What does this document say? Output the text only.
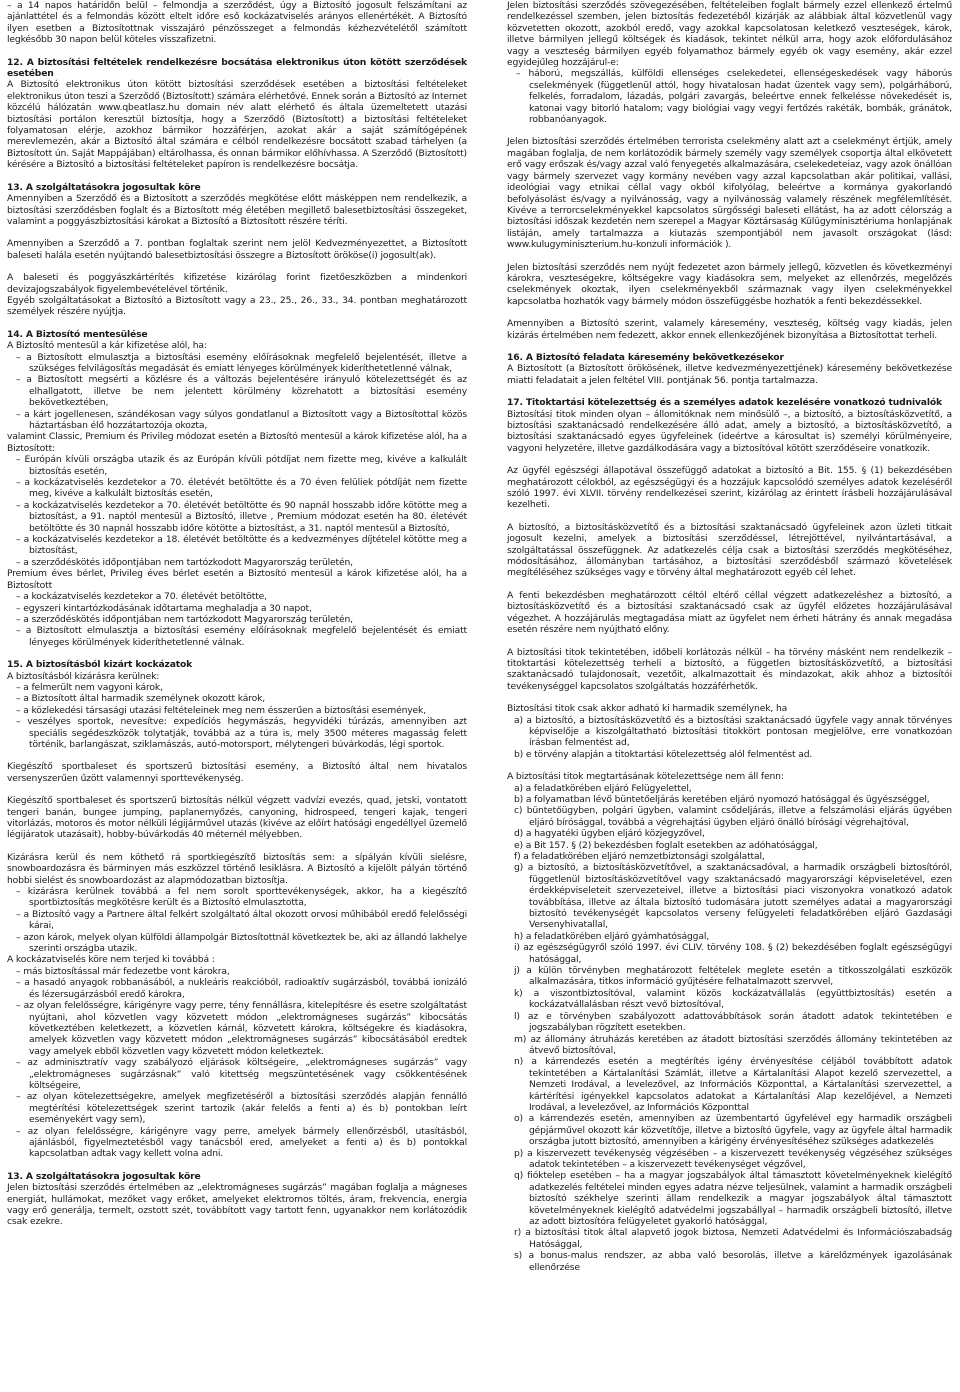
– a 14 napos határidőn belül – felmondja a szerződést, úgy a Biztosító jogosult felszámítani az ajánlattétel és a felmondás között eltelt időre eső kockázatviselés arányos ellenértékét. A Biztosító ilyen esetben a Biztosítottnak visszajáró pénzösszeget a felmondás kézhezvételétől számított legkésőbb 30 napon belül köteles visszafizetni.

12. A biztosítási feltételek rendelkezésre bocsátása elektronikus úton kötött szerződések esetében

A Biztosító elektronikus úton kötött biztosítási szerződések esetében a biztosítási feltételeket elektronikus úton teszi a Szerződő (Biztosított) számára elérhetővé. Ennek során a Biztosító az Internet közcélú hálózatán www.qbeatlasz.hu domain név alatt elérhető és általa üzemeltetett utazási biztosítási portálon keresztül biztosítja, hogy a Szerződő (Biztosított) a biztosítási feltételeket folyamatosan elérje, azokhoz bármikor hozzáférjen, azokat akár a saját számítógépének merevlemezén, akár a Biztosító által számára e célból rendelkezésre bocsátott szabad tárhelyen (a Biztosított ún. Saját Mappájában) eltárolhassa, és onnan bármikor előhívhassa. A Szerződő (Biztosított) kérésére a Biztosító a biztosítási feltételeket papíron is rendelkezésre bocsátja.

13. A szolgáltatásokra jogosultak köre

Amennyiben a Szerződő és a Biztosított a szerződés megkötése előtt másképpen nem rendelkezik, a biztosítási szerződésben foglalt és a Biztosított még életében megillető balesetbiztosítási összegeket, valamint a poggyászbiztosítási károkat a Biztosító a Biztosított részére téríti.

Amennyiben a Szerződő a 7. pontban foglaltak szerint nem jelöl Kedvezményezettet, a Biztosított baleseti halála esetén nyújtandó balesetbiztosítási összegre a Biztosított örököse(i) jogosult(ak).

A baleseti és poggyászkártérítés kifizetése kizárólag forint fizetőeszközben a mindenkori devizajogszabályok figyelembevételével történik.

Egyéb szolgáltatásokat a Biztosító a Biztosított vagy a 23., 25., 26., 33., 34. pontban meghatározott személyek részére nyújtja.

14. A Biztosító mentesülése

A Biztosító mentesül a kár kifizetése alól, ha:

– a Biztosított elmulasztja a biztosítási esemény előírásoknak megfelelő bejelentését, illetve a szükséges felvilágosítás megadását és emiatt lényeges körülmények kideríthetetlenné válnak,

– a Biztosított megsérti a közlésre és a változás bejelentésére irányuló kötelezettségét és az elhallgatott, illetve be nem jelentett körülmény közrehatott a biztosítási esemény bekövetkeztében,

– a kárt jogellenesen, szándékosan vagy súlyos gondatlanul a Biztosított vagy a Biztosítottal közös háztartásban élő hozzátartozója okozta,

valamint Classic, Premium és Privileg módozat esetén a Biztosító mentesül a károk kifizetése alól, ha a Biztosított:

– Európán kívüli országba utazik és az Európán kívüli pótdíjat nem fizette meg, kivéve a kalkulált biztosítás esetén,

– a kockázatviselés kezdetekor a 70. életévét betöltötte és a 70 éven felüliek pótdíját nem fizette meg, kivéve a kalkulált biztosítás esetén,

– a kockázatviselés kezdetekor a 70. életévét betöltötte és 90 napnál hosszabb időre kötötte meg a biztosítást, a 91. naptól mentesül a Biztosító, illetve , Premium módozat esetén ha 80. életévét betöltötte és 30 napnál hosszabb időre kötötte a biztosítást, a 31. naptól mentesül a Biztosító,

– a kockázatviselés kezdetekor a 18. életévét betöltötte és a kedvezményes díjtételel kötötte meg a biztosítást,

– a szerződéskötés időpontjában nem tartózkodott Magyarország területén,

Premium éves bérlet, Privileg éves bérlet esetén a Biztosító mentesül a károk kifizetése alól, ha a Biztosított

– a kockázatviselés kezdetekor a 70. életévét betöltötte,

– egyszeri kintartózkodásának időtartama meghaladja a 30 napot,

– a szerződéskötés időpontjában nem tartózkodott Magyarország területén,

– a Biztosított elmulasztja a biztosítási esemény előírásoknak megfelelő bejelentését és emiatt lényeges körülmények kideríthetetlenné válnak.

15. A biztosításból kizárt kockázatok

A biztosításból kizárásra kerülnek:

– a felmerült nem vagyoni károk,

– a Biztosított által harmadik személynek okozott károk,

– a közlekedési társasági utazási feltételeinek meg nem ésszerűen a biztosítási események,

– veszélyes sportok, nevesítve: expedíciós hegymászás, hegyvidéki túrázás, amennyiben azt speciális segédeszközök tolytatják, továbbá az a túra is, mely 3500 méteres magasság felett történik, barlangászat, sziklamászás, autó-motorsport, mélytengeri búvárkodás, légi sportok.

Kiegészítő sportbaleset és sportszerű biztosítási esemény, a Biztosító által nem hivatalos versenyszerűen űzött valamennyi sporttevékenység.

Kiegészítő sportbaleset és sportszerű biztosítás nélkül végzett vadvízi evezés, quad, jetski, vontatott tengeri banán, bungee jumping, paplanernyőzés, canyoning, hidrospeed, tengeri kajak, tengeri vitorlázás, motoros és motor nélküli légijárművel utazás (kivéve az előírt hatósági engedéllyel üzemelő légijáratok utazásait), hobby-búvárkodás 40 méternél mélyebben.

Kizárásra kerül és nem köthető rá sportkiegészítő biztosítás sem: a sípályán kívüli sielésre, snowboardozásra és bárminyen más eszközzel történő lesiklásra. A Biztosító a kijelölt pályán történő hobbi sielést és snowboardozást az alapmódozatban biztosítja.

– kizárásra kerülnek továbbá a fel nem sorolt sporttevékenységek, akkor, ha a kiegészítő sportbiztosítás megkötésre került és a Biztosító elmulasztotta,

– a Biztosító vagy a Partnere által felkért szolgáltató által okozott orvosi műhibából eredő felelősségi kárai,

– azon károk, melyek olyan külföldi állampolgár Biztosítottnál következtek be, aki az állandó lakhelye szerinti országba utazik.

A kockázatviselés köre nem terjed ki továbbá :

– más biztosítással már fedezetbe vont károkra,

– a hasadó anyagok robbanásából, a nukleáris reakcióból, radioaktív sugárzásból, továbbá ionizáló és lézersugárzásból eredő károkra,

– az olyan felelősségre, kárigényre vagy perre, tény fennállásra, kitelepítésre és esetre szolgáltatást nyújtani, ahol közvetlen vagy közvetett módon „elektromágneses sugárzás” kibocsátás következtében keletkezett, a közvetlen kárnál, közvetett károkra, költségekre és kiadásokra, amelyek közvetlen vagy közvetett módon „elektromágneses sugárzás” kibocsátásából eredtek vagy amelyek ebből közvetlen vagy közvetett módon keletkeztek.

– az adminisztratív vagy szabályozó eljárások költségeire, „elektromágneses sugárzás” vagy „elektromágneses sugárzásnak” való kitettség megszüntetésének vagy csökkentésének költségeire,

– az olyan kötelezettségekre, amelyek megfizetéséről a biztosítási szerződés alapján fennálló megtérítési kötelezettségek szerint tartozik (akár felelős a fenti a) és b) pontokban leírt eseményekért vagy sem),

– az olyan felelősségre, kárigényre vagy perre, amelyek bármely ellenőrzésből, utasításból, ajánlásból, figyelmeztetésből vagy tanácsból ered, amelyeket a fenti a) és b) pontokkal kapcsolatban adtak vagy kellett volna adni.

13. A szolgáltatásokra jogosultak köre

Jelen biztosítási szerződés értelmében az „elektromágneses sugárzás” magában foglalja a mágneses energiát, hullámokat, mezőket vagy erőket, amelyeket elektromos töltés, áram, frekvencia, energia vagy erő generálja, termelt, ozstott szét, továbbított vagy tartott fenn, ugyanakkor nem korlátozódik csak ezekre.

Jelen biztosítási szerződés szövegezésében, feltételeiben foglalt bármely ezzel ellenkező értelmű rendelkezéssel szemben, jelen biztosítás fedezetéből kizárják az alábbiak által közvetlenül vagy közvetetten okozott, azokból eredő, vagy azokkal kapcsolatosan keletkező veszteségek, károk, illetve bármilyen jellegű költségek és kiadások, tekintet nélkül arra, hogy azok előfordulásához vagy a veszteség bármilyen egyéb folyamathoz bármely egyéb ok vagy esemény, akár ezzel egyidejűleg hozzájárul-e:

– háború, megszállás, külföldi ellenséges cselekedetei, ellenségeskedések vagy háborús cselekmények (függetlenül attól, hogy hivatalosan hadat üzentek vagy sem), polgárháború, felkelés, forradalom, lázadás, polgári zavargás, beleértve ennek felkelésse növekedését is, katonai vagy bitorló hatalom; vagy biológiai vagy vegyi fertőzés rakéták, bombák, gránátok, robbanóanyagok.

Jelen biztosítási szerződés értelmében terrorista cselekmény alatt azt a cselekményt értjük, amely magában foglalja, de nem korlátozódik bármely személy vagy személyek csoportja által elkövetett erő vagy erőszak és/vagy azzal való fenyegetés alkalmazására, cselekedeteiaz, vagy azok önállóan vagy bármely szervezet vagy kormány nevében vagy azzal kapcsolatban akár politikai, vallási, ideológiai vagy etnikai céllal vagy okból kifolyólag, beleértve a kormánya gyakorlandó befolyásolást és/vagy a nyilvánosság, vagy a nyilvánosság valamely részének megfélemlítését. Kivéve a terrorcselekményekkel kapcsolatos sürgősségi baleseti ellátást, ha az adott célország a biztosítási időszak kezdetén nem szerepel a Magyar Köztársaság Külügyminisztériuma honlapjának listáján, amely tartalmazza a kiutazás szempontjából nem javasolt országokat (lásd: www.kulugyminiszterium.hu-konzuli információk ).

Jelen biztosítási szerződés nem nyújt fedezetet azon bármely jellegű, közvetlen és következményi károkra, veszteségekre, költségekre vagy kiadásokra sem, melyeket az ellenőrzés, megelőzés cselekmények okoztak, ilyen cselekményekből származnak vagy ilyen cselekményekkel kapcsolatba hozhatók vagy bármely módon összefüggésbe hozhatók a fenti bekezdéssekkel.

Amennyiben a Biztosító szerint, valamely káresemény, veszteség, költség vagy kiadás, jelen kizárás értelmében nem fedezett, akkor ennek ellenkezőjének bizonyítása a Biztosítottat terheli.

16. A Biztosító feladata káresemény bekövetkezésekor

A Biztosított (a Biztosított örökösének, illetve kedvezményezettjének) káresemény bekövetkezése miatti feladatait a jelen feltétel VIII. pontjának 56. pontja tartalmazza.

17. Titoktartási kötelezettség és a személyes adatok kezelésére vonatkozó tudnivalók

Biztosítási titok minden olyan – állomitóknak nem minősülő –, a biztosító, a biztosításközvetítő, a biztosítási szaktanácsadó rendelkezésére álló adat, amely a biztosító, a biztosításközvetítő, a biztosítási szaktanácsadó egyes ügyfeleinek (ideértve a károsultat is) személyi körülményeire, vagyoni helyzetére, illetve gazdálkodására vagy a biztosítóval kötött szerződéseire vonatkozik.

Az ügyfél egészségi állapotával összefüggő adatokat a biztosító a Bit. 155. § (1) bekezdésében meghatározott célokból, az egészségügyi és a hozzájuk kapcsolódó személyes adatok kezeléséről szóló 1997. évi XLVII. törvény rendelkezései szerint, kizárólag az érintett írásbeli hozzájárulásával kezelheti.

A biztosító, a biztosításközvetítő és a biztosítási szaktanácsadó ügyfeleinek azon üzleti titkait jogosult kezelni, amelyek a biztosítási szerződéssel, létrejöttével, nyilvántartásával, a szolgáltatással összefüggnek. Az adatkezelés célja csak a biztosítási szerződés megkötéséhez, módosításához, állományban tartásához, a biztosítási szerződésből származó követelések megítéléséhez szükséges vagy e törvény által meghatározott egyéb cél lehet.

A fenti bekezdésben meghatározott céltól eltérő céllal végzett adatkezeléshez a biztosító, a biztosításközvetítő és a biztosítási szaktanácsadó csak az ügyfél előzetes hozzájárulásával végezhet. A hozzájárulás megtagadása miatt az ügyfelet nem érheti hátrány és annak megadása esetén részére nem nyújtható előny.

A biztosítási titok tekintetében, időbeli korlátozás nélkül – ha törvény másként nem rendelkezik – titoktartási kötelezettség terheli a biztosító, a független biztosításközvetítő, a biztosítási szaktanácsadó tulajdonosait, vezetőit, alkalmazottait és mindazokat, akik ahhoz a biztosítói tevékenységgel kapcsolatos szolgáltatás hozzáférhetők.

Biztosítási titok csak akkor adható ki harmadik személynek, ha

a) a biztosító, a biztosításközvetítő és a biztosítási szaktanácsadó ügyfele vagy annak törvényes képviselője a kiszolgáltatható biztosítási titokkört pontosan megjelölve, erre vonatkozóan írásban felmentést ad,

b) e törvény alapján a titoktartási kötelezettség alól felmentést ad.

A biztosítási titok megtartásának kötelezettsége nem áll fenn:

a) a feladatkörében eljáró Felügyelettel,

b) a folyamatban lévő büntetőeljárás keretében eljáró nyomozó hatósággal és ügyészséggel,

c) büntetőügyben, polgári ügyben, valamint csődeljárás, illetve a felszámolási eljárás ügyében eljáró bírósággal, továbbá a végrehajtási ügyben eljáró önálló bírósági végrehajtóval,

d) a hagyatéki ügyben eljáró közjegyzővel,

e) a Bit 157. § (2) bekezdésben foglalt esetekben az adóhatósággal,

f) a feladatkörében eljáró nemzetbiztonsági szolgálattal,

g) a biztosító, a biztosításközvetítővel, a szaktanácsadóval, a harmadik országbeli biztosítóról, függetlenül biztosításközvetítővel vagy szaktanácsadó magyarországi képviseletével, ezen érdekképviseleteit szervezeteivel, illetve a biztosítási piaci viszonyokra vonatkozó adatok továbbítása, illetve az általa biztosító tudomására jutott személyes adatai a magyarországi biztosító tevékenységét kapcsolatos verseny felügyeleti feladatkörében eljáró Gazdasági Versenyhivatallal,

h) a feladatkörében eljáró gyámhatósággal,

i) az egészségügyről szóló 1997. évi CLIV. törvény 108. § (2) bekezdésében foglalt egészségügyi hatósággal,

j) a külön törvényben meghatározott feltételek meglete esetén a titkosszolgálati eszközök alkalmazására, titkos információ gyűjtésére felhatalmazott szervvel,

k) a viszontbiztosítóval, valamint közös kockázatvállalás (együttbiztosítás) esetén a kockázatvállalásban részt vevő biztosítóval,

l) az e törvényben szabályozott adattovábbítások során átadott adatok tekintetében e jogszabályban rögzített esetekben.

m) az állomány átruházás keretében az átadott biztosítási szerződés állomány tekintetében az átvevő biztosítóval,

n) a kárrendezés esetén a megtérítés igény érvényesítése céljából továbbított adatok tekintetében a Kártalanítási Számlát, illetve a Kártalanítási Alapot kezelő szervezettel, a Nemzeti Irodával, a levelezővel, az Információs Központtal, a Kártalanítási szervezettel, a kártérítési igényekkel kapcsolatos adatokat a Kártalanítási Alap kezelőjével, a Nemzeti Irodával, a levelezővel, az Információs Központtal

o) a kárrendezés esetén, amennyiben az üzembentartó ügyfelével egy harmadik országbeli gépjárművel okozott kár közvetítője, illetve a biztosító ügyfele, vagy az ügyfele által harmadik országba jutott biztosító, amennyiben a kárigény érvényesítéséhez szükséges adatkezelés

p) a kiszervezett tevékenység végzésében – a kiszervezett tevékenység végzéséhez szükséges adatok tekintetében – a kiszervezett tevékenységet végzővel,

q) fióktelep esetében – ha a magyar jogszabályok által támasztott követelményeknek kielégítő adatkezelés feltételei minden egyes adatra nézve teljesülnek, valamint a harmadik országbeli biztosító székhelye szerinti állam rendelkezik a magyar jogszabályok által támasztott követelményeknek kielégítő adatvédelmi jogszabállyal – harmadik országbeli biztosító, illetve az adott biztosítóra felügyeletet gyakorló hatósággal,

r) a biztosítási titok által alapvető jogok biztosa, Nemzeti Adatvédelmi és Információszabadság Hatósággal,

s) a bonus-malus rendszer, az abba való besorolás, illetve a kárelőzmények igazolásának ellenőrzése
